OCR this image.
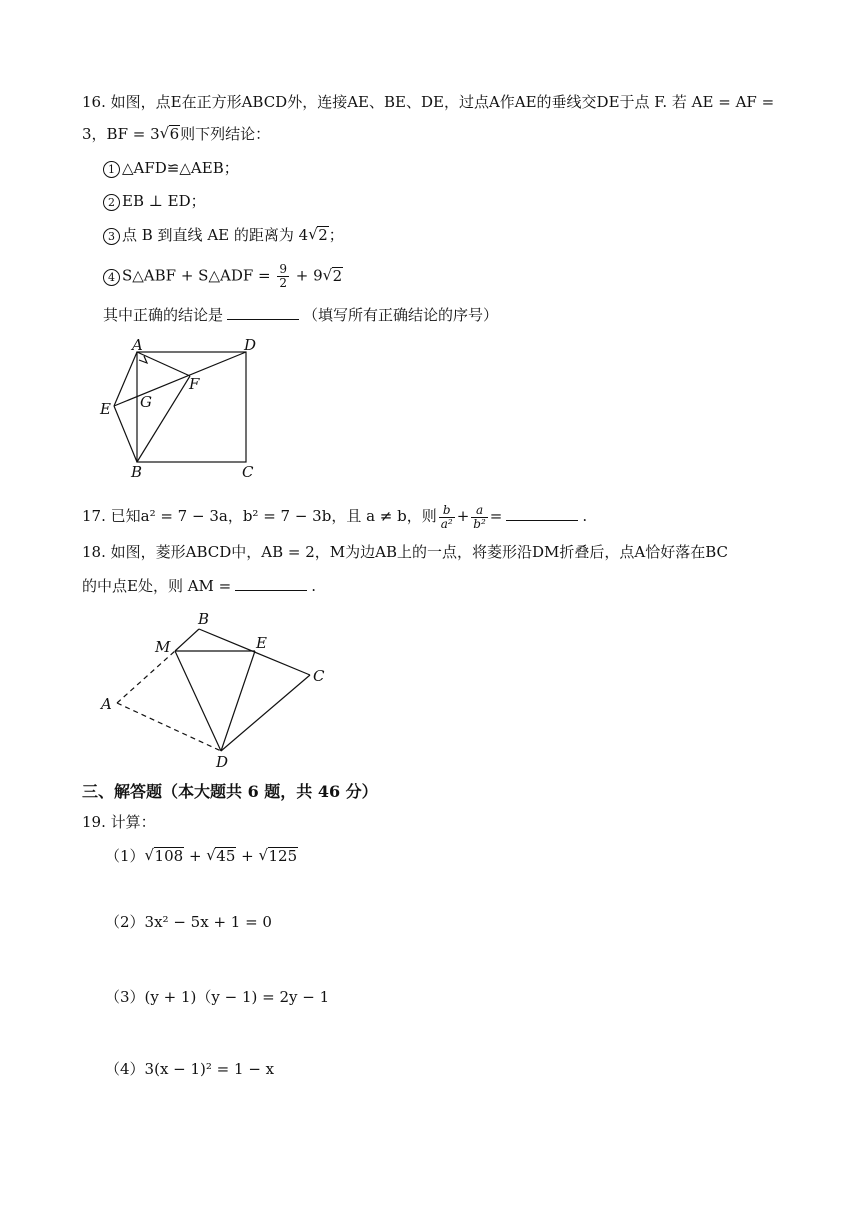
16. 如图，点E在正方形ABCD外，连接AE、BE、DE，过点A作AE的垂线交DE于点 F. 若 AE = AF =
3，BF = 3√ 6则下列结论：
1 △AFD≌△AEB；
2 EB ⊥ ED；
3 点 B 到直线 AE 的距离为 4√ 2；
4 S△ABF + S△ADF = $\frac{9}{2} + 9√$ 2
其中正确的结论是	（填写所有正确结论的序号）
A	D
E G
F
B	C
17. 已知a² = 7 − 3a，b² = 7 − 3b，且 a ≠ b，则 $\frac{b}{\text{a²}} + \frac{a}{\text{b²}}$ =	.
18. 如图，菱形ABCD中，AB = 2，M为边AB上的一点，将菱形沿DM折叠后，点A恰好落在BC
的中点E处，则 AM =	.
B
M	E
C
A
D
三、解答题（本大题共 6 题，共 46 分）
19. 计算：
（1）√ 108 + √ 45 + √ 125
（2）3x² − 5x + 1 = 0
（3）(y + 1)（y − 1) = 2y − 1
（4）3(x − 1)² = 1 − x
